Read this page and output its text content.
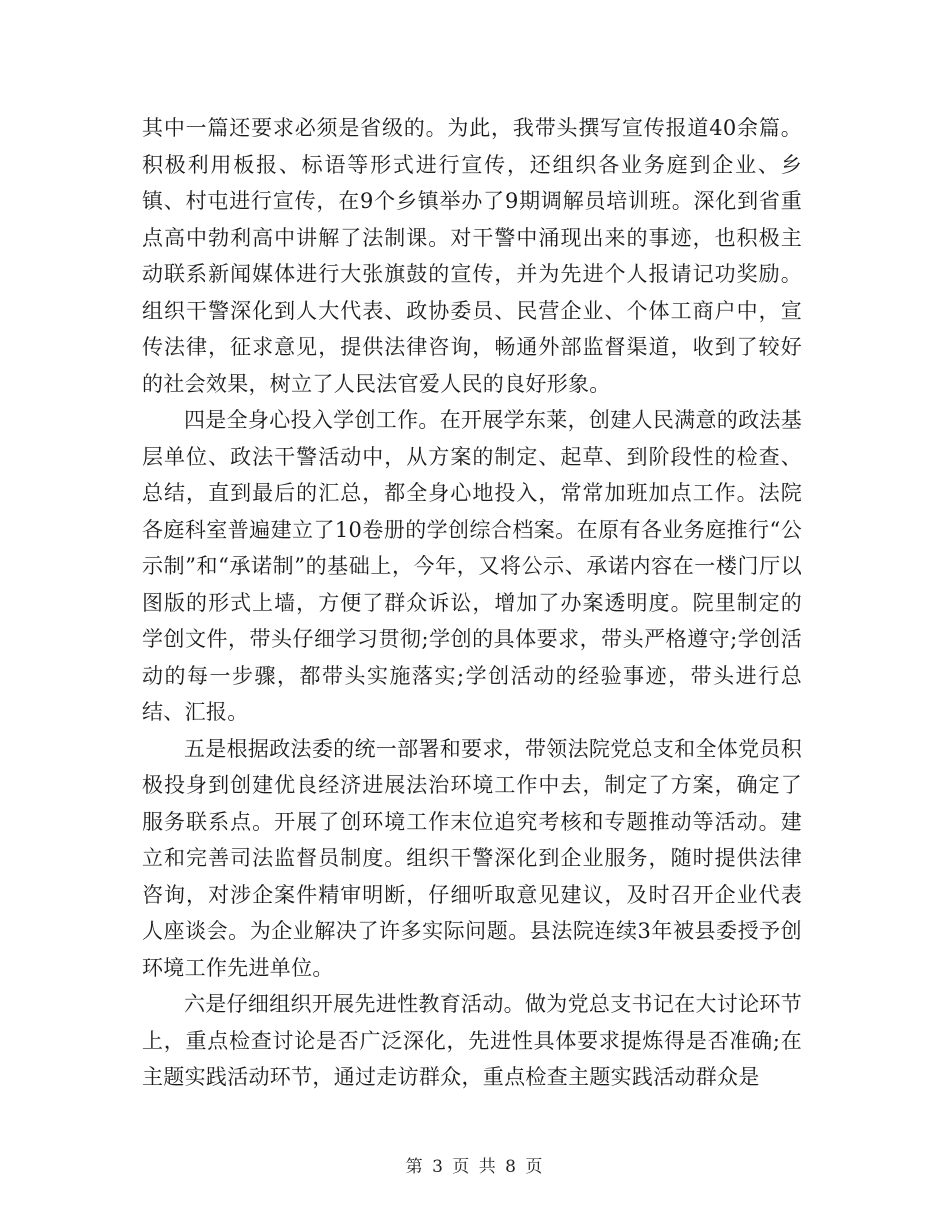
其中一篇还要求必须是省级的。为此，我带头撰写宣传报道40余篇。积极利用板报、标语等形式进行宣传，还组织各业务庭到企业、乡镇、村屯进行宣传，在9个乡镇举办了9期调解员培训班。深化到省重点高中勃利高中讲解了法制课。对干警中涌现出来的事迹，也积极主动联系新闻媒体进行大张旗鼓的宣传，并为先进个人报请记功奖励。组织干警深化到人大代表、政协委员、民营企业、个体工商户中，宣传法律，征求意见，提供法律咨询，畅通外部监督渠道，收到了较好的社会效果，树立了人民法官爱人民的良好形象。

四是全身心投入学创工作。在开展学东莱，创建人民满意的政法基层单位、政法干警活动中，从方案的制定、起草、到阶段性的检查、总结，直到最后的汇总，都全身心地投入，常常加班加点工作。法院各庭科室普遍建立了10卷册的学创综合档案。在原有各业务庭推行“公示制”和“承诺制”的基础上，今年，又将公示、承诺内容在一楼门厅以图版的形式上墙，方便了群众诉讼，增加了办案透明度。院里制定的学创文件，带头仔细学习贯彻;学创的具体要求，带头严格遵守;学创活动的每一步骤，都带头实施落实;学创活动的经验事迹，带头进行总结、汇报。

五是根据政法委的统一部署和要求，带领法院党总支和全体党员积极投身到创建优良经济进展法治环境工作中去，制定了方案，确定了服务联系点。开展了创环境工作末位追究考核和专题推动等活动。建立和完善司法监督员制度。组织干警深化到企业服务，随时提供法律咨询，对涉企案件精审明断，仔细听取意见建议，及时召开企业代表人座谈会。为企业解决了许多实际问题。县法院连续3年被县委授予创环境工作先进单位。

六是仔细组织开展先进性教育活动。做为党总支书记在大讨论环节上，重点检查讨论是否广泛深化，先进性具体要求提炼得是否准确;在主题实践活动环节，通过走访群众，重点检查主题实践活动群众是

第 3 页 共 8 页
